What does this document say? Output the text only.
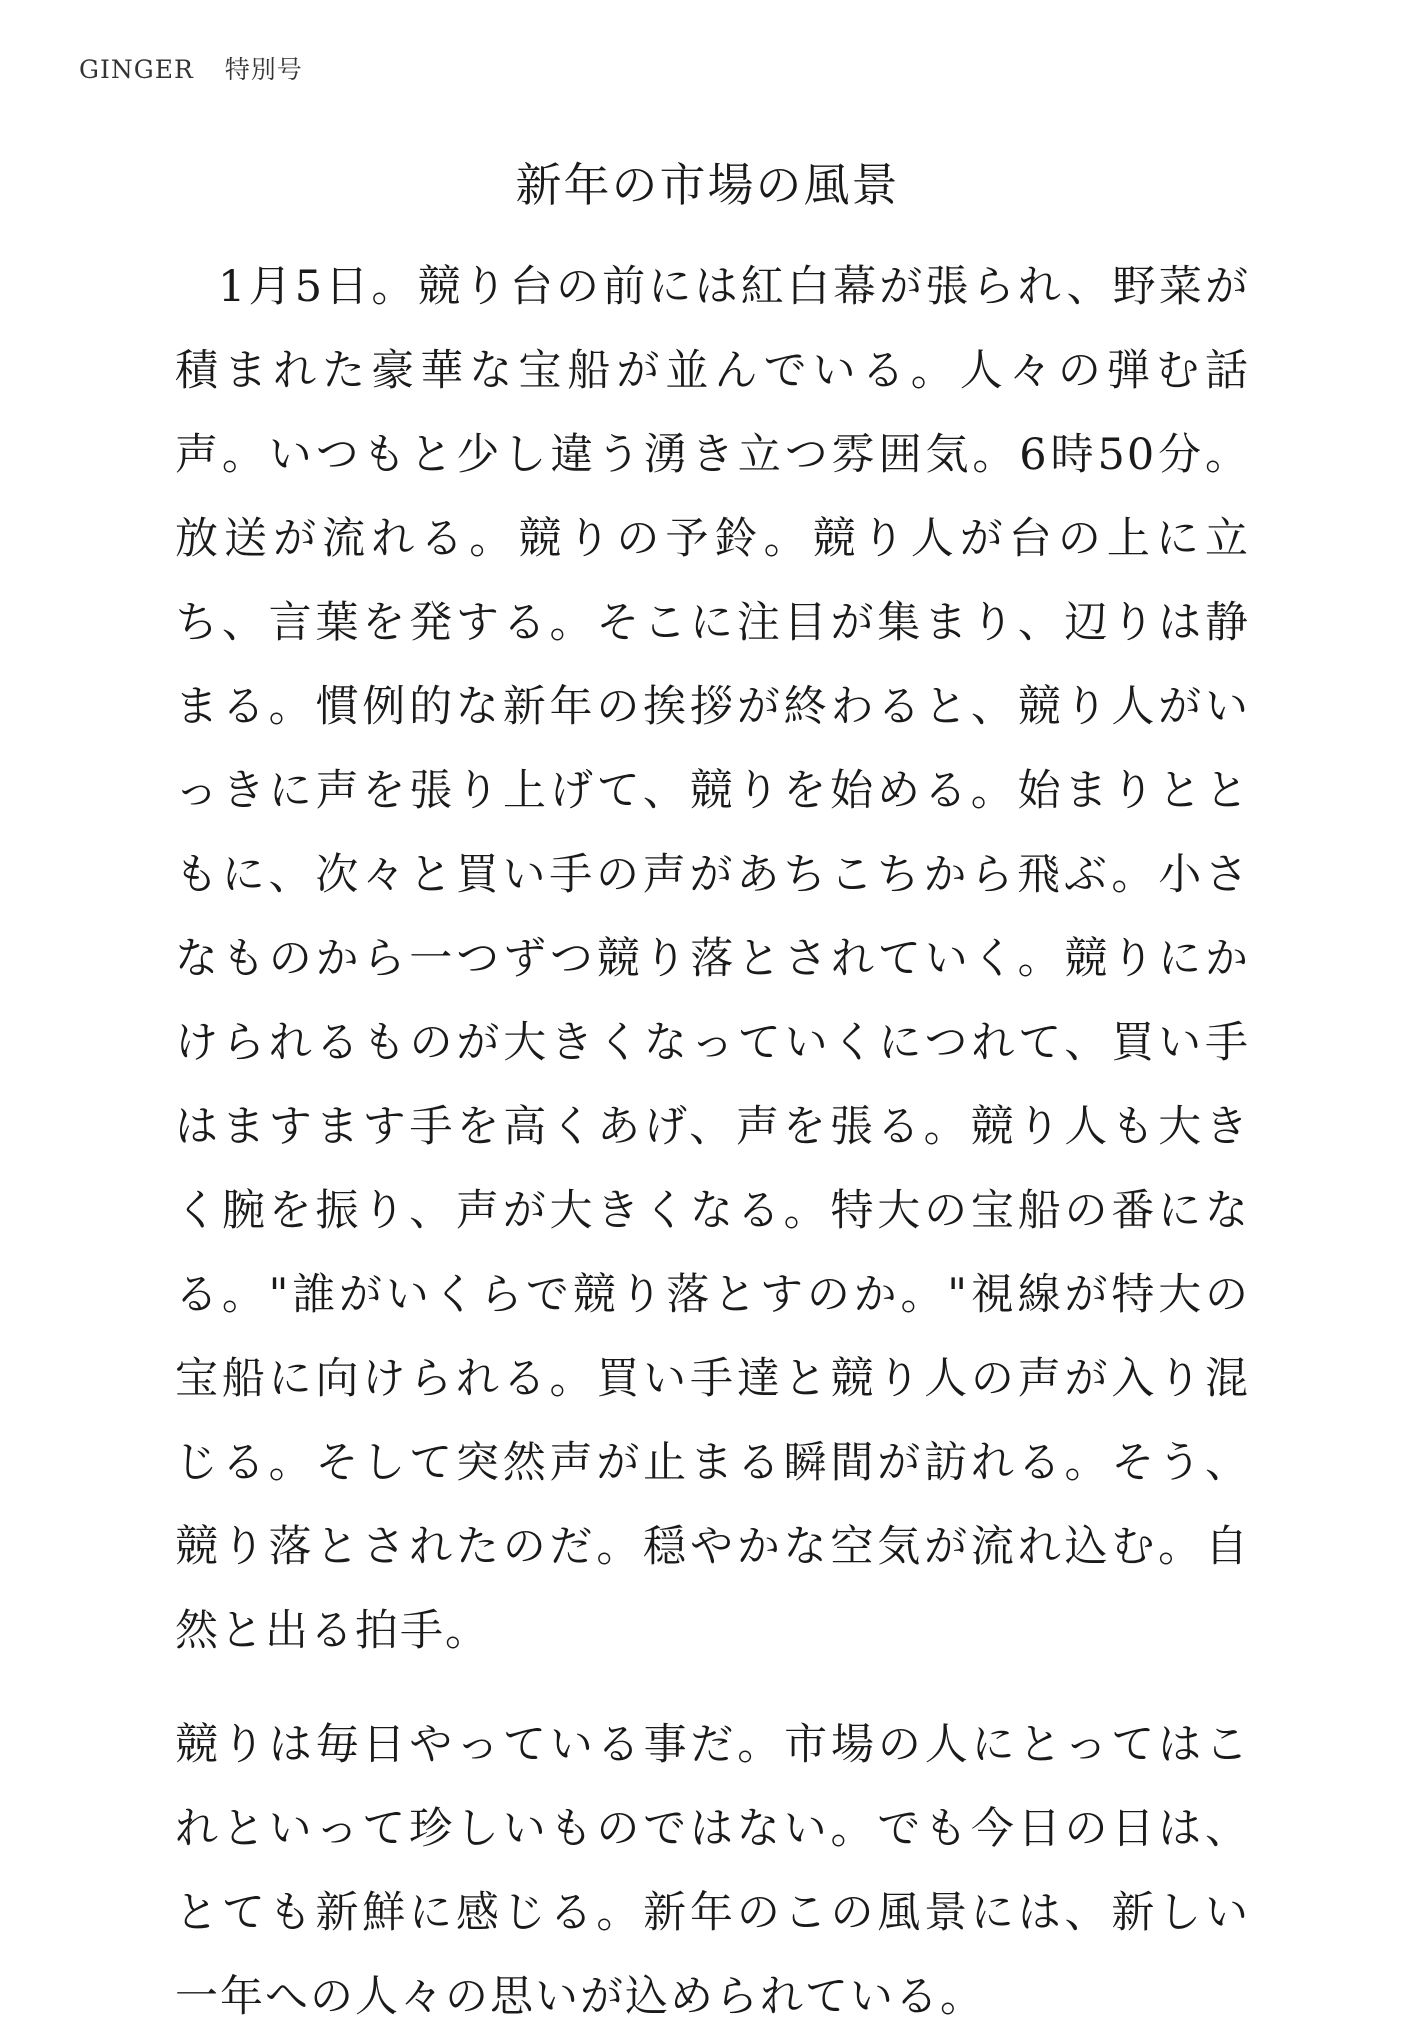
GINGER 特別号
新年の市場の風景

1月5日。競り台の前には紅白幕が張られ、野菜が積まれた豪華な宝船が並んでいる。人々の弾む話声。いつもと少し違う湧き立つ雰囲気。6時50分。放送が流れる。競りの予鈴。競り人が台の上に立ち、言葉を発する。そこに注目が集まり、辺りは静まる。慣例的な新年の挨拶が終わると、競り人がいっきに声を張り上げて、競りを始める。始まりとともに、次々と買い手の声があちこちから飛ぶ。小さなものから一つずつ競り落とされていく。競りにかけられるものが大きくなっていくにつれて、買い手はますます手を高くあげ、声を張る。競り人も大きく腕を振り、声が大きくなる。特大の宝船の番になる。"誰がいくらで競り落とすのか。"視線が特大の宝船に向けられる。買い手達と競り人の声が入り混じる。そして突然声が止まる瞬間が訪れる。そう、競り落とされたのだ。穏やかな空気が流れ込む。自然と出る拍手。

競りは毎日やっている事だ。市場の人にとってはこれといって珍しいものではない。でも今日の日は、とても新鮮に感じる。新年のこの風景には、新しい一年への人々の思いが込められている。
